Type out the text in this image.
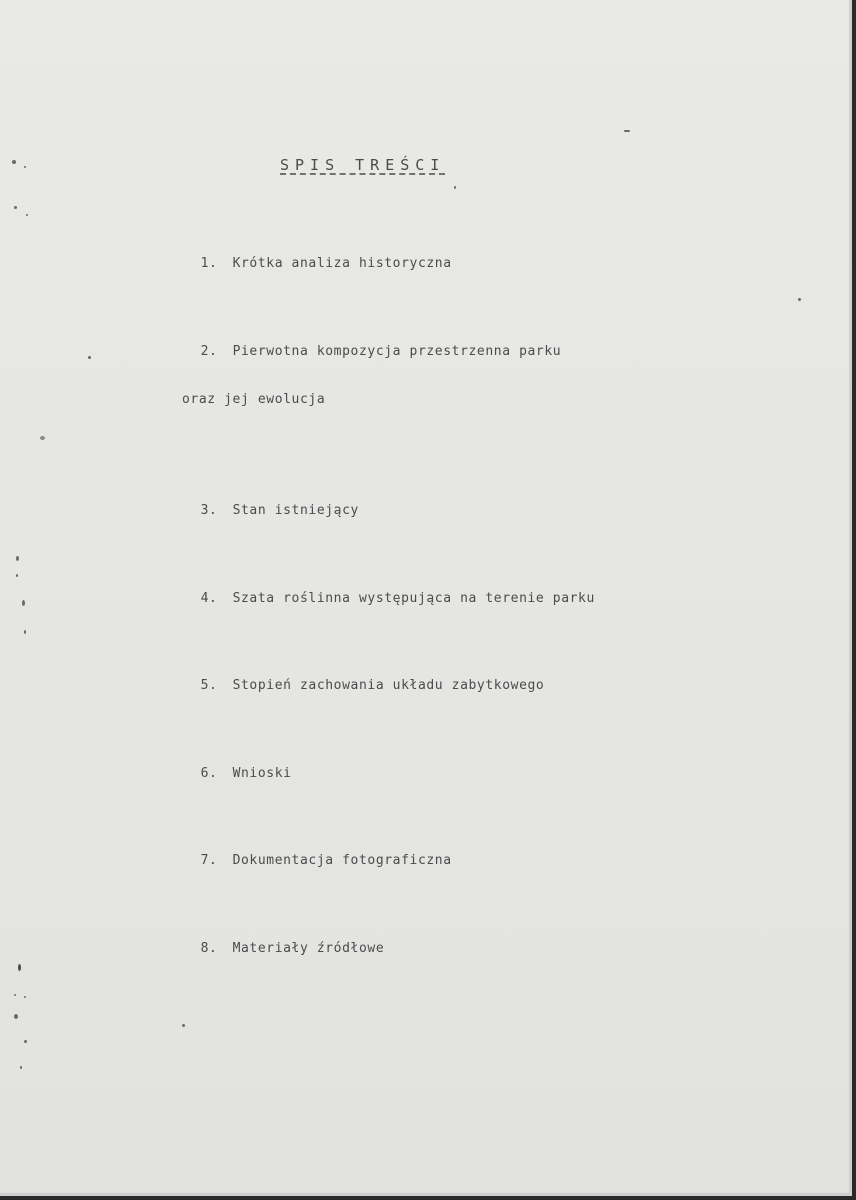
SPIS TREŚCI

1. Krótka analiza historyczna

2. Pierwotna kompozycja przestrzenna parku

oraz jej ewolucja

3. Stan istniejący

4. Szata roślinna występująca na terenie parku

5. Stopień zachowania układu zabytkowego

6. Wnioski

7. Dokumentacja fotograficzna

8. Materiały źródłowe
